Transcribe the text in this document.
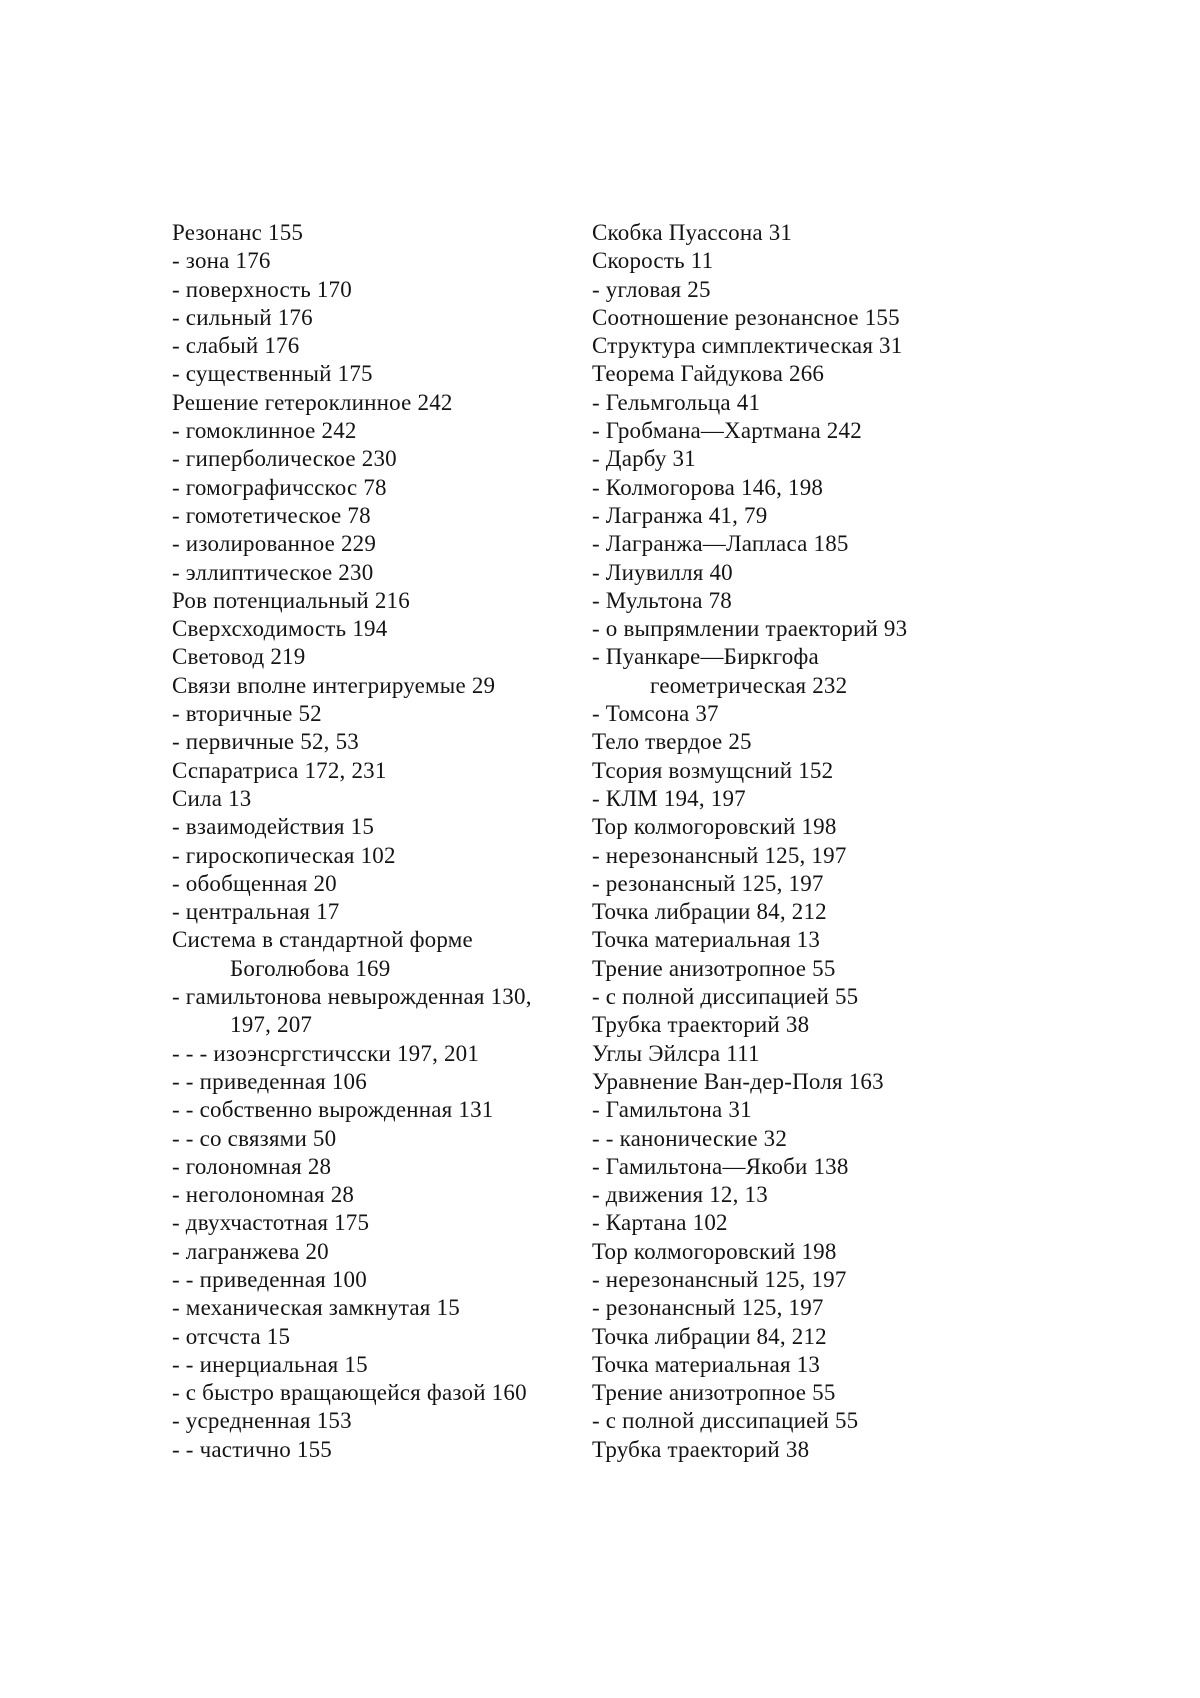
Резонанс 155
- зона 176
- поверхность 170
- сильный 176
- слабый 176
- существенный 175
Решение гетероклинное 242
- гомоклинное 242
- гиперболическое 230
- гомографичсскос 78
- гомотетическое 78
- изолированное 229
- эллиптическое 230
Ров потенциальный 216
Сверхсходимость 194
Световод 219
Связи вполне интегрируемые 29
- вторичные 52
- первичные 52, 53
Сспаратриса 172, 231
Сила 13
- взаимодействия 15
- гироскопическая 102
- обобщенная 20
- центральная 17
Система в стандартной форме
Боголюбова 169
- гамильтонова невырожденная 130,
197, 207
- - - изоэнсргстичсски 197, 201
- - приведенная 106
- - собственно вырожденная 131
- - со связями 50
- голономная 28
- неголономная 28
- двухчастотная 175
- лагранжева 20
- - приведенная 100
- механическая замкнутая 15
- отсчста 15
- - инерциальная 15
- с быстро вращающейся фазой 160
- усредненная 153
- - частично 155
Скобка Пуассона 31
Скорость 11
- угловая 25
Соотношение резонансное 155
Структура симплектическая 31
Теорема Гайдукова 266
- Гельмгольца 41
- Гробмана—Хартмана 242
- Дарбу 31
- Колмогорова 146, 198
- Лагранжа 41, 79
- Лагранжа—Лапласа 185
- Лиувилля 40
- Мультона 78
- о выпрямлении траекторий 93
- Пуанкаре—Биркгофа
геометрическая 232
- Томсона 37
Тело твердое 25
Тсория возмущсний 152
- КЛМ 194, 197
Тор колмогоровский 198
- нерезонансный 125, 197
- резонансный 125, 197
Точка либрации 84, 212
Точка материальная 13
Трение анизотропное 55
- с полной диссипацией 55
Трубка траекторий 38
Углы Эйлсра 111
Уравнение Ван-дер-Поля 163
- Гамильтона 31
- - канонические 32
- Гамильтона—Якоби 138
- движения 12, 13
- Картана 102
Тор колмогоровский 198
- нерезонансный 125, 197
- резонансный 125, 197
Точка либрации 84, 212
Точка материальная 13
Трение анизотропное 55
- с полной диссипацией 55
Трубка траекторий 38
